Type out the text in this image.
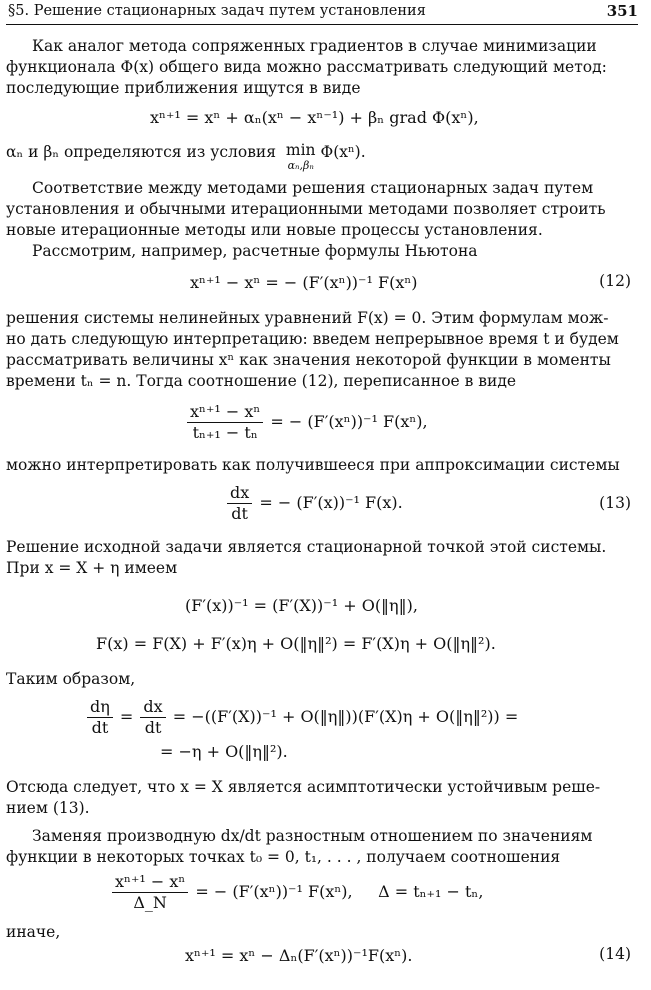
§5. Решение стационарных задач путем установления	351
Как аналог метода сопряженных градиентов в случае минимизации
функционала Φ(x) общего вида можно рассматривать следующий метод:
последующие приближения ищутся в виде
xⁿ⁺¹ = xⁿ + αₙ(xⁿ − xⁿ⁻¹) + βₙ grad Φ(xⁿ),
αₙ и βₙ определяются из условия min
αₙ,βₙ
Φ(xⁿ).
Соответствие между методами решения стационарных задач путем
установления и обычными итерационными методами позволяет строить
новые итерационные методы или новые процессы установления.
Рассмотрим, например, расчетные формулы Ньютона
xⁿ⁺¹ − xⁿ = − (F′(xⁿ))⁻¹ F(xⁿ)	(12)
решения системы нелинейных уравнений F(x) = 0. Этим формулам мож-
но дать следующую интерпретацию: введем непрерывное время t и будем
рассматривать величины xⁿ как значения некоторой функции в моменты
времени tₙ = n. Тогда соотношение (12), переписанное в виде
$\frac{\text{xⁿ⁺¹ − xⁿ}}{\text{tₙ₊₁ − tₙ}}$ = − (F′(xⁿ))⁻¹ F(xⁿ),
можно интерпретировать как получившееся при аппроксимации системы
$\frac{dx}{dt}$ = − (F′(x))⁻¹ F(x).	(13)
Решение исходной задачи является стационарной точкой этой системы.
При x = X + η имеем
(F′(x))⁻¹ = (F′(X))⁻¹ + O(‖η‖),
F(x) = F(X) + F′(x)η + O(‖η‖²) = F′(X)η + O(‖η‖²).
Таким образом,
$\frac{d\eta}{dt} = \frac{dx}{dt} = -((F'(X))^{-1}$ + O(‖η‖))(F′(X)η + O(‖η‖²)) =
= −η + O(‖η‖²).
Отсюда следует, что x = X является асимптотически устойчивым реше-
нием (13).
Заменяя производную dx/dt разностным отношением по значениям
функции в некоторых точках t₀ = 0, t₁, . . . , получаем соотношения
$\frac{\text{xⁿ⁺¹ − xⁿ}}{\Delta\_N}$ = − (F′(xⁿ))⁻¹ F(xⁿ), Δ = tₙ₊₁ − tₙ,
иначе,
xⁿ⁺¹ = xⁿ − Δₙ(F′(xⁿ))⁻¹F(xⁿ).	(14)
